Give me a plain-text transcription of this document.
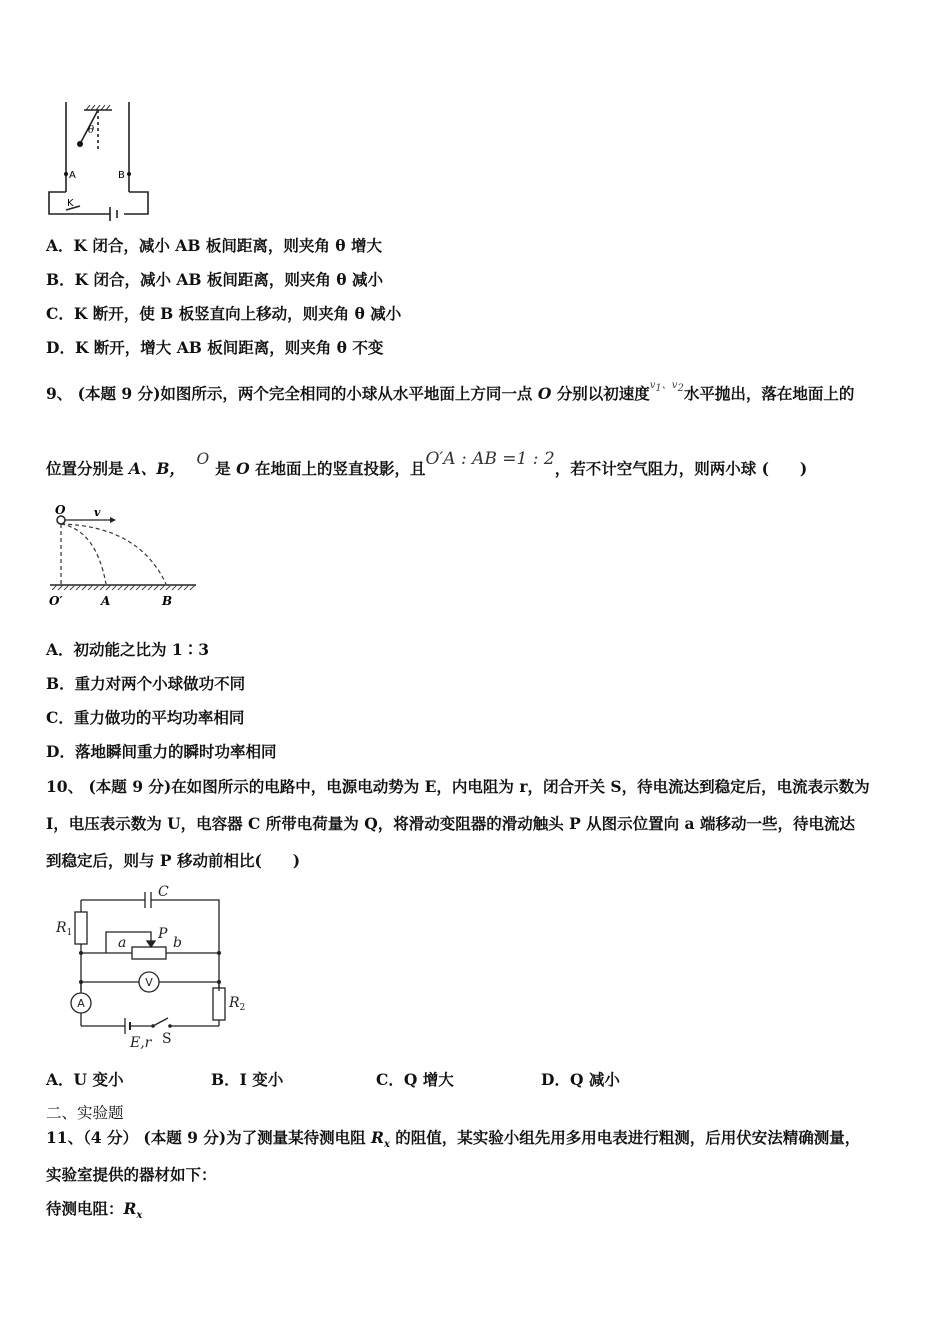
θ
A	B
K
A．K 闭合，减小 AB 板间距离，则夹角 θ 增大
B．K 闭合，减小 AB 板间距离，则夹角 θ 减小
C．K 断开，使 B 板竖直向上移动，则夹角 θ 减小
D．K 断开，增大 AB 板间距离，则夹角 θ 不变
9、 (本题 9 分)如图所示，两个完全相同的小球从水平地面上方同一点 O 分别以初速度$^{v_1、v_2}$水平抛出，落在地面上的
位置分别是 A、B， O 是 O 在地面上的竖直投影，且O′A : AB =1 : 2，若不计空气阻力，则两小球 (　　)
O	v
O′	A	B
A．初动能之比为 1∶3
B．重力对两个小球做功不同
C．重力做功的平均功率相同
D．落地瞬间重力的瞬时功率相同
10、 (本题 9 分)在如图所示的电路中，电源电动势为 E，内电阻为 r，闭合开关 S，待电流达到稳定后，电流表示数为
I，电压表示数为 U，电容器 C 所带电荷量为 Q，将滑动变阻器的滑动触头 P 从图示位置向 a 端移动一些，待电流达
到稳定后，则与 P 移动前相比(　　)
C
$R_1$
a
P
b
$R_2$
S
E,r
V
A
A．U 变小	B．I 变小	C．Q 增大	D．Q 减小
二、实验题
11、（4 分） (本题 9 分)为了测量某待测电阻 $R_x$ 的阻值，某实验小组先用多用电表进行粗测，后用伏安法精确测量，
实验室提供的器材如下：
待测电阻：$R_x$
